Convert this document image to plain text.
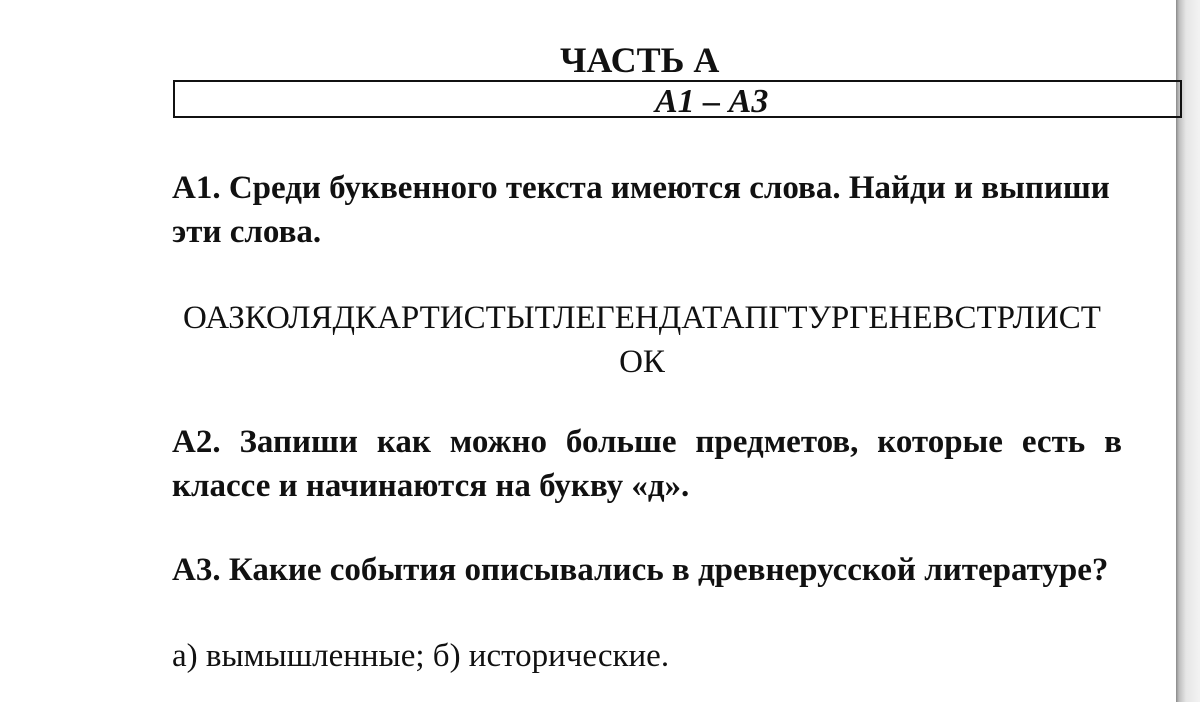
ЧАСТЬ А
А1 – А3

А1. Среди буквенного текста имеются слова. Найди и выпиши эти слова.

ОАЗКОЛЯДКАРТИСТЫТЛЕГЕНДАТАПГТУРГЕНЕВСТРЛИСТОК

А2. Запиши как можно больше предметов, которые есть в классе и начинаются на букву «д».

А3. Какие события описывались в древнерусской литературе?

а) вымышленные; б) исторические.
